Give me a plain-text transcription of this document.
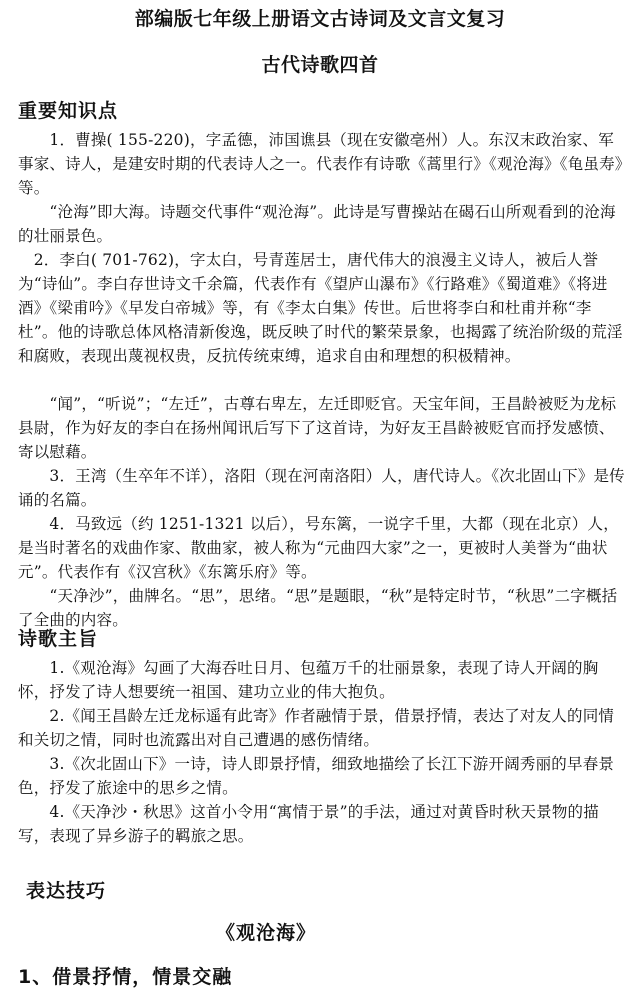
部编版七年级上册语文古诗词及文言文复习
古代诗歌四首
重要知识点
　　1．曹操( 155-220)，字孟德，沛国谯县（现在安徽亳州）人。东汉末政治家、军事家、诗人，是建安时期的代表诗人之一。代表作有诗歌《蒿里行》《观沧海》《龟虽寿》等。
　　“沧海”即大海。诗题交代事件“观沧海”。此诗是写曹操站在碣石山所观看到的沧海的壮丽景色。
　2．李白( 701-762)，字太白，号青莲居士，唐代伟大的浪漫主义诗人，被后人誉为“诗仙”。李白存世诗文千余篇，代表作有《望庐山瀑布》《行路难》《蜀道难》《将进酒》《梁甫吟》《早发白帝城》等，有《李太白集》传世。后世将李白和杜甫并称“李杜”。他的诗歌总体风格清新俊逸，既反映了时代的繁荣景象，也揭露了统治阶级的荒淫和腐败，表现出蔑视权贵，反抗传统束缚，追求自由和理想的积极精神。
　　“闻”，“听说”；“左迁”，古尊右卑左，左迁即贬官。天宝年间，王昌龄被贬为龙标县尉，作为好友的李白在扬州闻讯后写下了这首诗，为好友王昌龄被贬官而抒发感愤、寄以慰藉。
　　3．王湾（生卒年不详），洛阳（现在河南洛阳）人，唐代诗人。《次北固山下》是传诵的名篇。
　　4．马致远（约 1251-1321 以后），号东篱，一说字千里，大都（现在北京）人，是当时著名的戏曲作家、散曲家，被人称为“元曲四大家”之一，更被时人美誉为“曲状元”。代表作有《汉宫秋》《东篱乐府》等。
　　“天净沙”，曲牌名。“思”，思绪。“思”是题眼，“秋”是特定时节，“秋思”二字概括了全曲的内容。
诗歌主旨
　　1.《观沧海》勾画了大海吞吐日月、包蕴万千的壮丽景象，表现了诗人开阔的胸怀，抒发了诗人想要统一祖国、建功立业的伟大抱负。
　　2.《闻王昌龄左迁龙标遥有此寄》作者融情于景，借景抒情，表达了对友人的同情和关切之情，同时也流露出对自己遭遇的感伤情绪。
　　3.《次北固山下》一诗，诗人即景抒情，细致地描绘了长江下游开阔秀丽的早春景色，抒发了旅途中的思乡之情。
　　4.《天净沙・秋思》这首小令用“寓情于景”的手法，通过对黄昏时秋天景物的描写，表现了异乡游子的羁旅之思。
表达技巧
《观沧海》
1、借景抒情，情景交融
